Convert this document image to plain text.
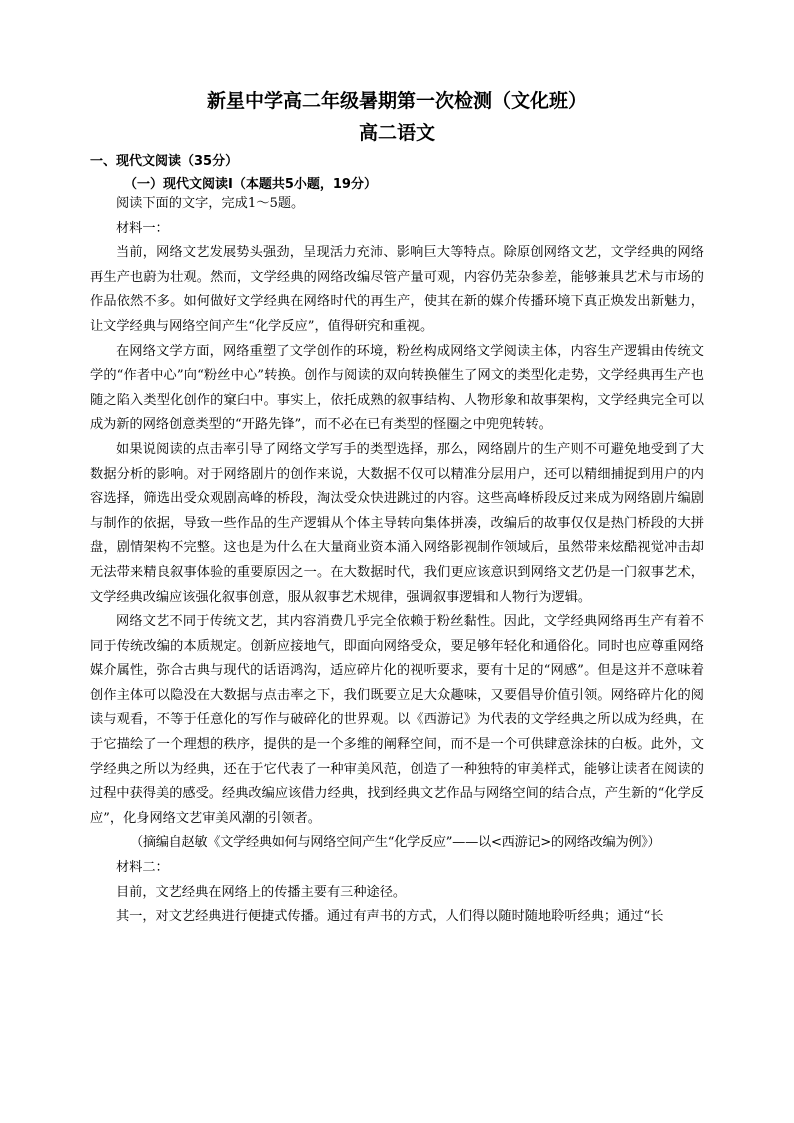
新星中学高二年级暑期第一次检测（文化班）
高二语文
一、现代文阅读（35分）
（一）现代文阅读Ⅰ（本题共5小题，19分）

阅读下面的文字，完成1～5题。

材料一：

当前，网络文艺发展势头强劲，呈现活力充沛、影响巨大等特点。除原创网络文艺，文学经典的网络再生产也蔚为壮观。然而，文学经典的网络改编尽管产量可观，内容仍芜杂参差，能够兼具艺术与市场的作品依然不多。如何做好文学经典在网络时代的再生产，使其在新的媒介传播环境下真正焕发出新魅力，让文学经典与网络空间产生“化学反应”，值得研究和重视。

在网络文学方面，网络重塑了文学创作的环境，粉丝构成网络文学阅读主体，内容生产逻辑由传统文学的“作者中心”向“粉丝中心”转换。创作与阅读的双向转换催生了网文的类型化走势，文学经典再生产也随之陷入类型化创作的窠臼中。事实上，依托成熟的叙事结构、人物形象和故事架构，文学经典完全可以成为新的网络创意类型的“开路先锋”，而不必在已有类型的怪圈之中兜兜转转。

如果说阅读的点击率引导了网络文学写手的类型选择，那么，网络剧片的生产则不可避免地受到了大数据分析的影响。对于网络剧片的创作来说，大数据不仅可以精准分层用户，还可以精细捕捉到用户的内容选择，筛选出受众观剧高峰的桥段，淘汰受众快进跳过的内容。这些高峰桥段反过来成为网络剧片编剧与制作的依据，导致一些作品的生产逻辑从个体主导转向集体拼凑，改编后的故事仅仅是热门桥段的大拼盘，剧情架构不完整。这也是为什么在大量商业资本涌入网络影视制作领域后，虽然带来炫酷视觉冲击却无法带来精良叙事体验的重要原因之一。在大数据时代，我们更应该意识到网络文艺仍是一门叙事艺术，文学经典改编应该强化叙事创意，服从叙事艺术规律，强调叙事逻辑和人物行为逻辑。

网络文艺不同于传统文艺，其内容消费几乎完全依赖于粉丝黏性。因此，文学经典网络再生产有着不同于传统改编的本质规定。创新应接地气，即面向网络受众，要足够年轻化和通俗化。同时也应尊重网络媒介属性，弥合古典与现代的话语鸿沟，适应碎片化的视听要求，要有十足的“网感”。但是这并不意味着创作主体可以隐没在大数据与点击率之下，我们既要立足大众趣味，又要倡导价值引领。网络碎片化的阅读与观看，不等于任意化的写作与破碎化的世界观。以《西游记》为代表的文学经典之所以成为经典，在于它描绘了一个理想的秩序，提供的是一个多维的阐释空间，而不是一个可供肆意涂抹的白板。此外，文学经典之所以为经典，还在于它代表了一种审美风范，创造了一种独特的审美样式，能够让读者在阅读的过程中获得美的感受。经典改编应该借力经典，找到经典文艺作品与网络空间的结合点，产生新的“化学反应”，化身网络文艺审美风潮的引领者。

（摘编自赵敏《文学经典如何与网络空间产生“化学反应”——以<西游记>的网络改编为例》）

材料二：

目前，文艺经典在网络上的传播主要有三种途径。

其一，对文艺经典进行便捷式传播。通过有声书的方式，人们得以随时随地聆听经典；通过“长
